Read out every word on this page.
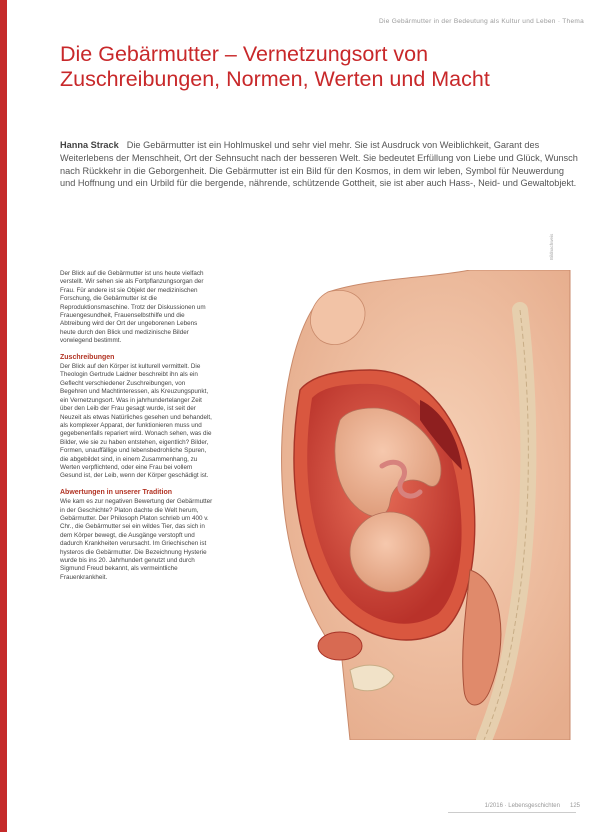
Die Gebärmutter in der Bedeutung als Kultur und Leben · Thema
Die Gebärmutter – Vernetzungsort von Zuschreibungen, Normen, Werten und Macht

Hanna Strack Die Gebärmutter ist ein Hohlmuskel und sehr viel mehr. Sie ist Ausdruck von Weiblichkeit, Garant des Weiterlebens der Menschheit, Ort der Sehnsucht nach der besseren Welt. Sie bedeutet Erfüllung von Liebe und Glück, Wunsch nach Rückkehr in die Geborgenheit. Die Gebärmutter ist ein Bild für den Kosmos, in dem wir leben, Symbol für Neuwerdung und Hoffnung und ein Urbild für die bergende, nährende, schützende Gottheit, sie ist aber auch Hass-, Neid- und Gewaltobjekt.

Der Blick auf die Gebärmutter ist uns heute vielfach verstellt. Wir sehen sie als Fortpflanzungsorgan der Frau. Für andere ist sie Objekt der medizinischen Forschung, die Gebärmutter ist die Reproduktionsmaschine. Trotz der Diskussionen um Frauengesundheit, Frauenselbsthilfe und die Abtreibung wird der Ort der ungeborenen Lebens heute durch den Blick und medizinische Bilder vorwiegend bestimmt.

Zuschreibungen

Der Blick auf den Körper ist kulturell vermittelt. Die Theologin Gertrude Laidner beschreibt ihn als ein Geflecht verschiedener Zuschreibungen, von Begehren und Machtinteressen, als Kreuzungspunkt, ein Vernetzungsort. Was in jahrhundertelanger Zeit über den Leib der Frau gesagt wurde, ist seit der Neuzeit als etwas Natürliches gesehen und behandelt, als komplexer Apparat, der funktionieren muss und gegebenenfalls repariert wird. Wonach sehen, was die Bilder, wie sie zu haben entstehen, eigentlich? Bilder, Formen, unauffällige und lebensbedrohliche Spuren, die abgebildet sind, in einem Zusammenhang, zu Werten verpflichtend, oder eine Frau bei vollem Gesund ist, der Leib, wenn der Körper geschädigt ist.

Abwertungen in unserer Tradition

Wie kam es zur negativen Bewertung der Gebärmutter in der Geschichte? Platon dachte die Welt herum, Gebärmutter. Der Philosoph Platon schrieb um 400 v. Chr., die Gebärmutter sei ein wildes Tier, das sich in dem Körper bewegt, die Ausgänge verstopft und dadurch Krankheiten verursacht. Im Griechischen ist hysteros die Gebärmutter. Die Bezeichnung Hysterie wurde bis ins 20. Jahrhundert genutzt und durch Sigmund Freud bekannt, als vermeintliche Frauenkrankheit.

Bildnachweis
1/2016 · Lebensgeschichten 125
